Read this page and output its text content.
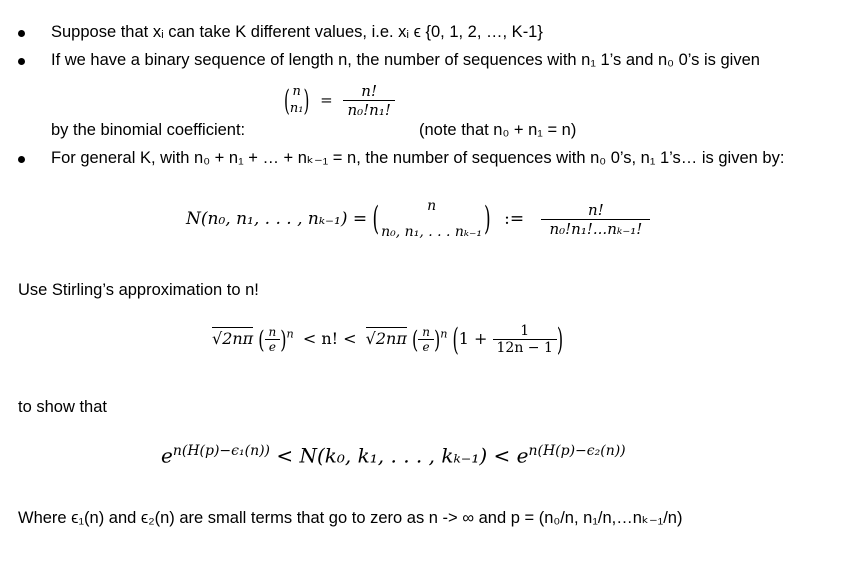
Suppose that xᵢ can take K different values, i.e. xᵢ ϵ {0, 1, 2, …, K-1}
If we have a binary sequence of length n, the number of sequences with n₁ 1’s and n₀ 0’s is given
( n
n₁ ) = $\frac{n!}{\text{n₀!n₁!}}$
by the binomial coefficient:	(note that n₀ + n₁ = n)
For general K, with n₀ + n₁ + … + nₖ₋₁ = n, the number of sequences with n₀ 0’s, n₁ 1’s… is given by:
N(n₀, n₁, . . . , nₖ₋₁) = (	n
n₀, n₁, . . . nₖ₋₁ ) := $\frac{n!}{\text{n₀!n₁!...nₖ₋₁!}}$
Use Stirling’s approximation to n!
√2nπ ( $\frac{n}{e} )^n < n$! < √2nπ ( $\frac{n}{e} )^n$ ($1 + \frac{1}{12n - 1}$ )
to show that
$e^{n(H(p)-\epsilon_1(n))} < N(k_0$, k₁, . . . , $k_{k-1}) < e^{n(H(p)-\epsilon_2(n))}$
Where ϵ₁(n) and ϵ₂(n) are small terms that go to zero as n -> ∞ and p = (n₀/n, n₁/n,…nₖ₋₁/n)
